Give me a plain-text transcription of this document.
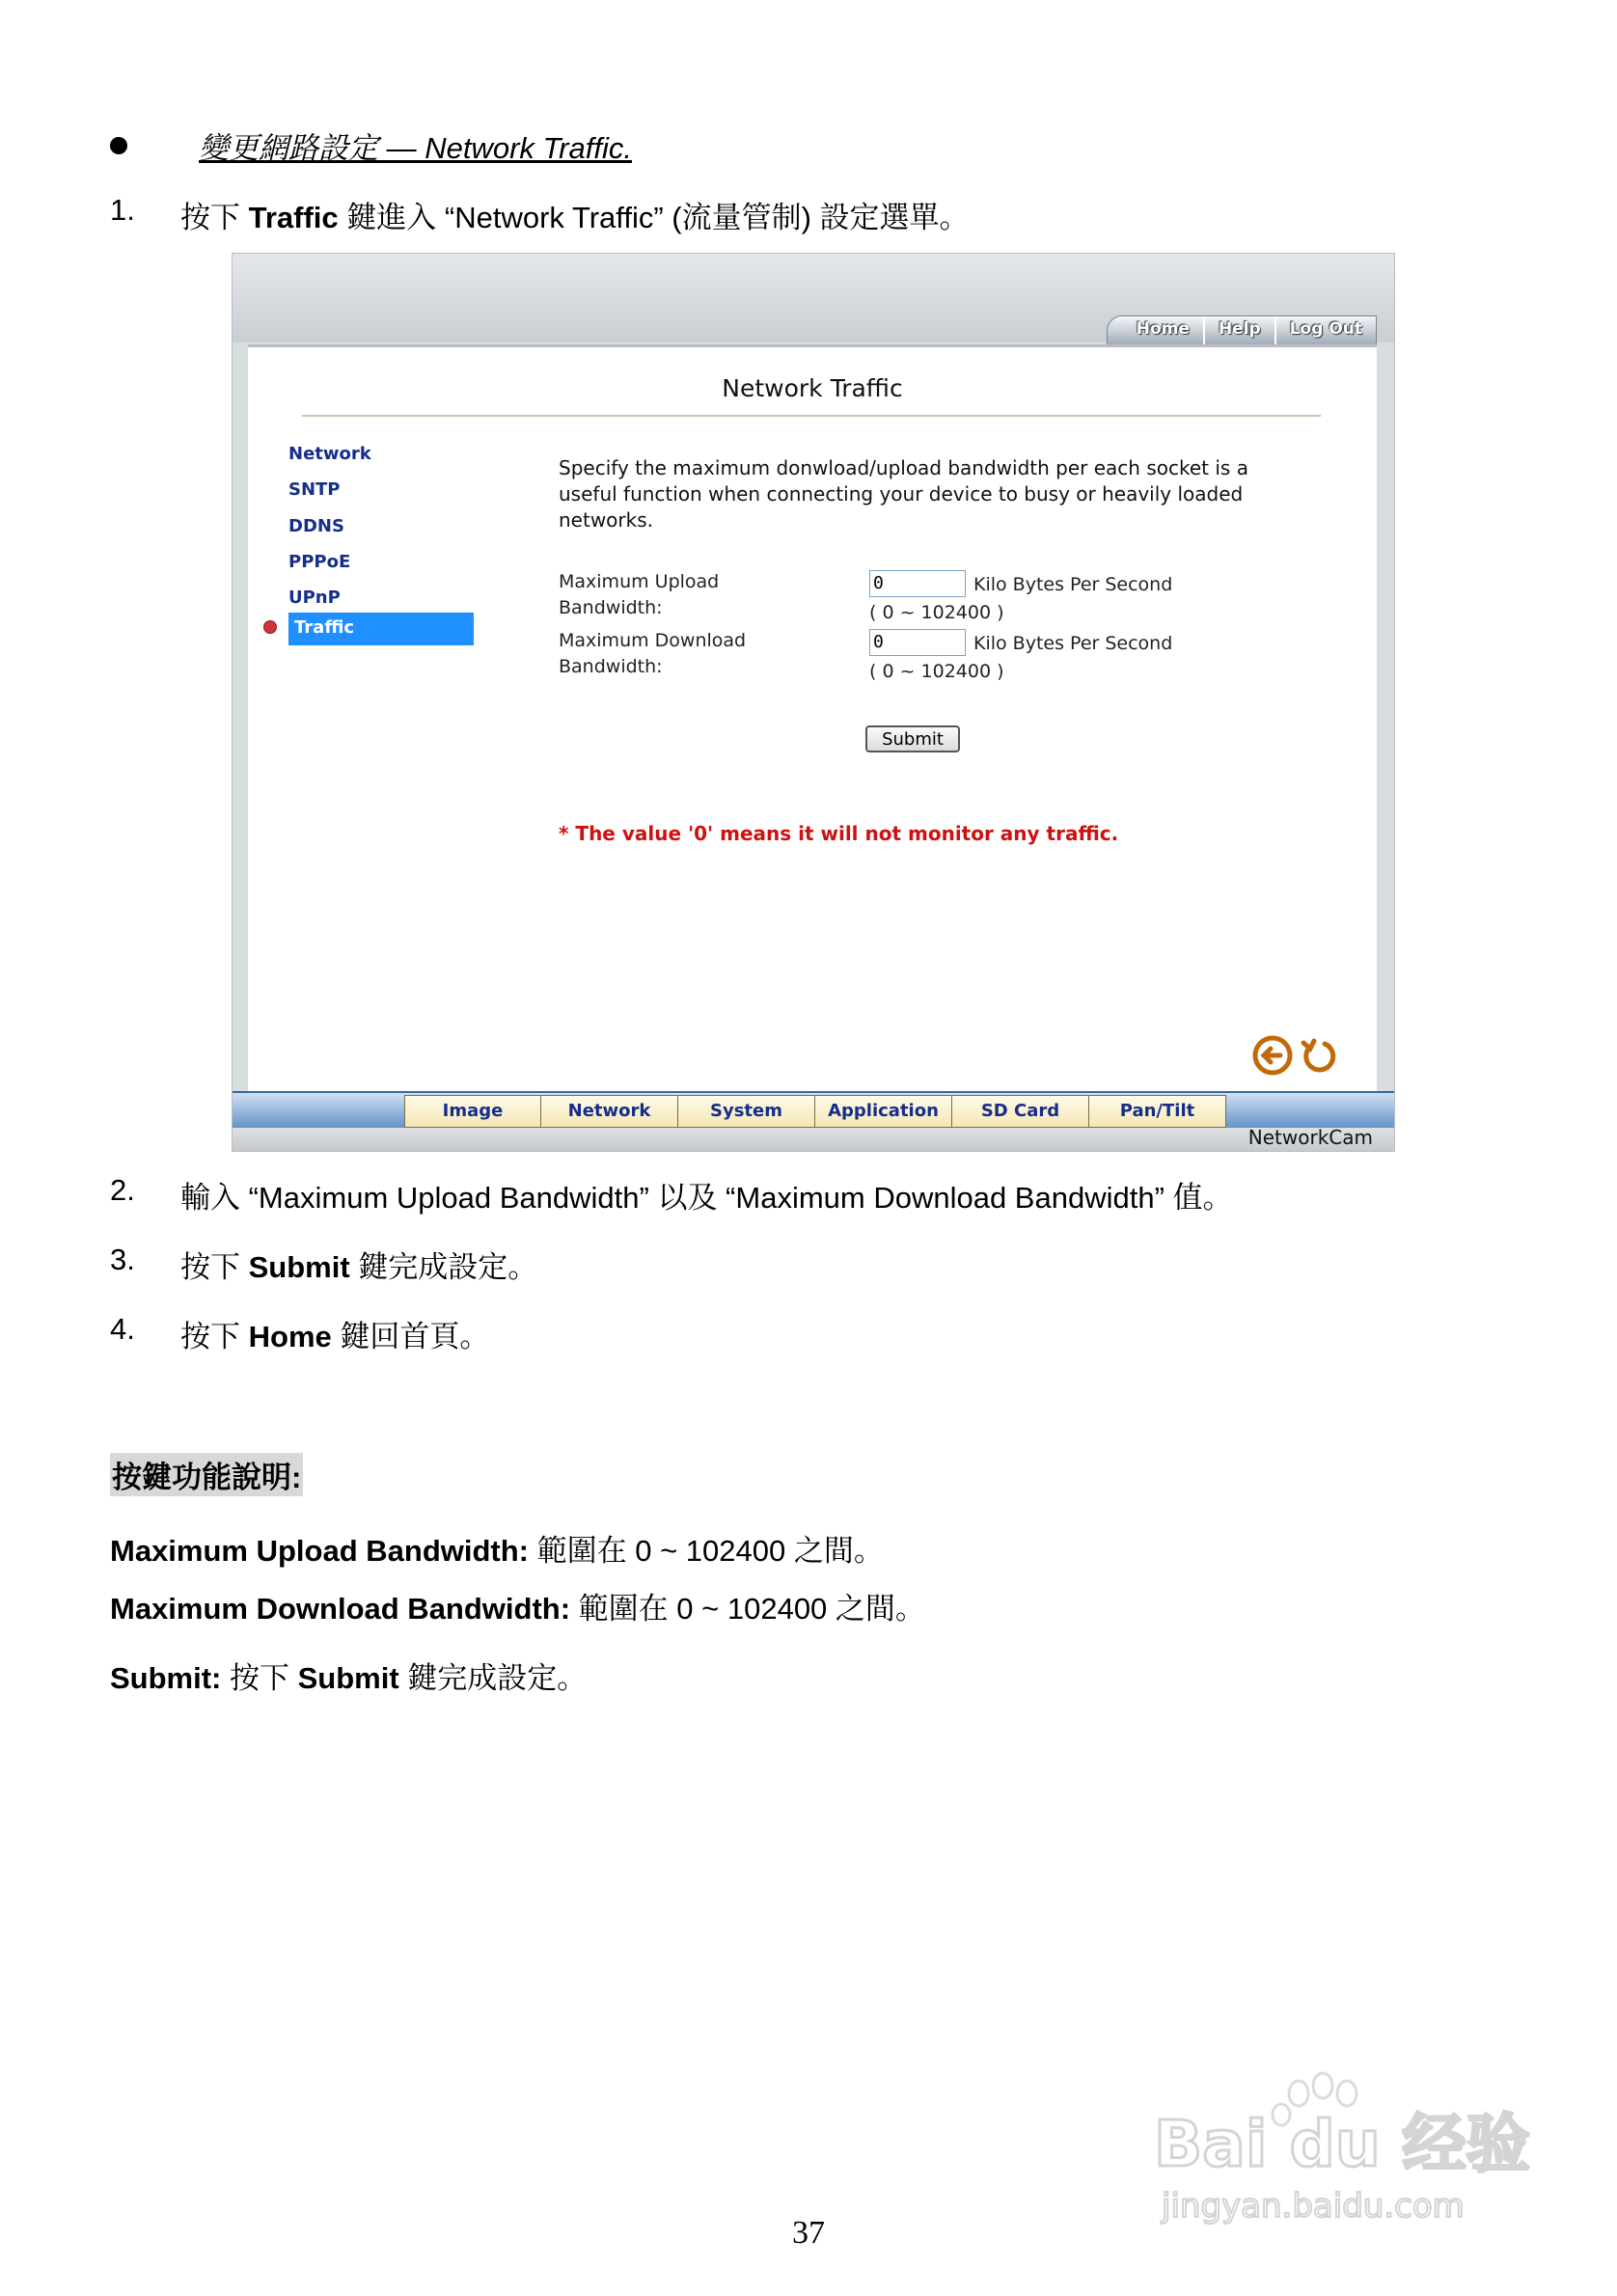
變更網路設定 — Network Traffic.
1.	按下 Traffic 鍵進入 “Network Traffic” (流量管制) 設定選單。
Home	Help	Log Out
Network Traffic
Network
SNTP
DDNS
PPPoE
UPnP
Traffic
Specify the maximum donwload/upload bandwidth per each socket is a useful function when connecting your device to busy or heavily loaded networks.
Maximum Upload
Bandwidth:
0	Kilo Bytes Per Second
( 0 ~ 102400 )
Maximum Download
Bandwidth:
0	Kilo Bytes Per Second
( 0 ~ 102400 )
Submit
* The value '0' means it will not monitor any traffic.
Image	Network	System	Application	SD Card	Pan/Tilt
NetworkCam
2.	輸入 “Maximum Upload Bandwidth” 以及 “Maximum Download Bandwidth” 值。
3.	按下 Submit 鍵完成設定。
4.	按下 Home 鍵回首頁。
按鍵功能說明:
Maximum Upload Bandwidth: 範圍在 0 ~ 102400 之間。
Maximum Download Bandwidth: 範圍在 0 ~ 102400 之間。
Submit: 按下 Submit 鍵完成設定。
Bai du 经验
jingyan.baidu.com
37
